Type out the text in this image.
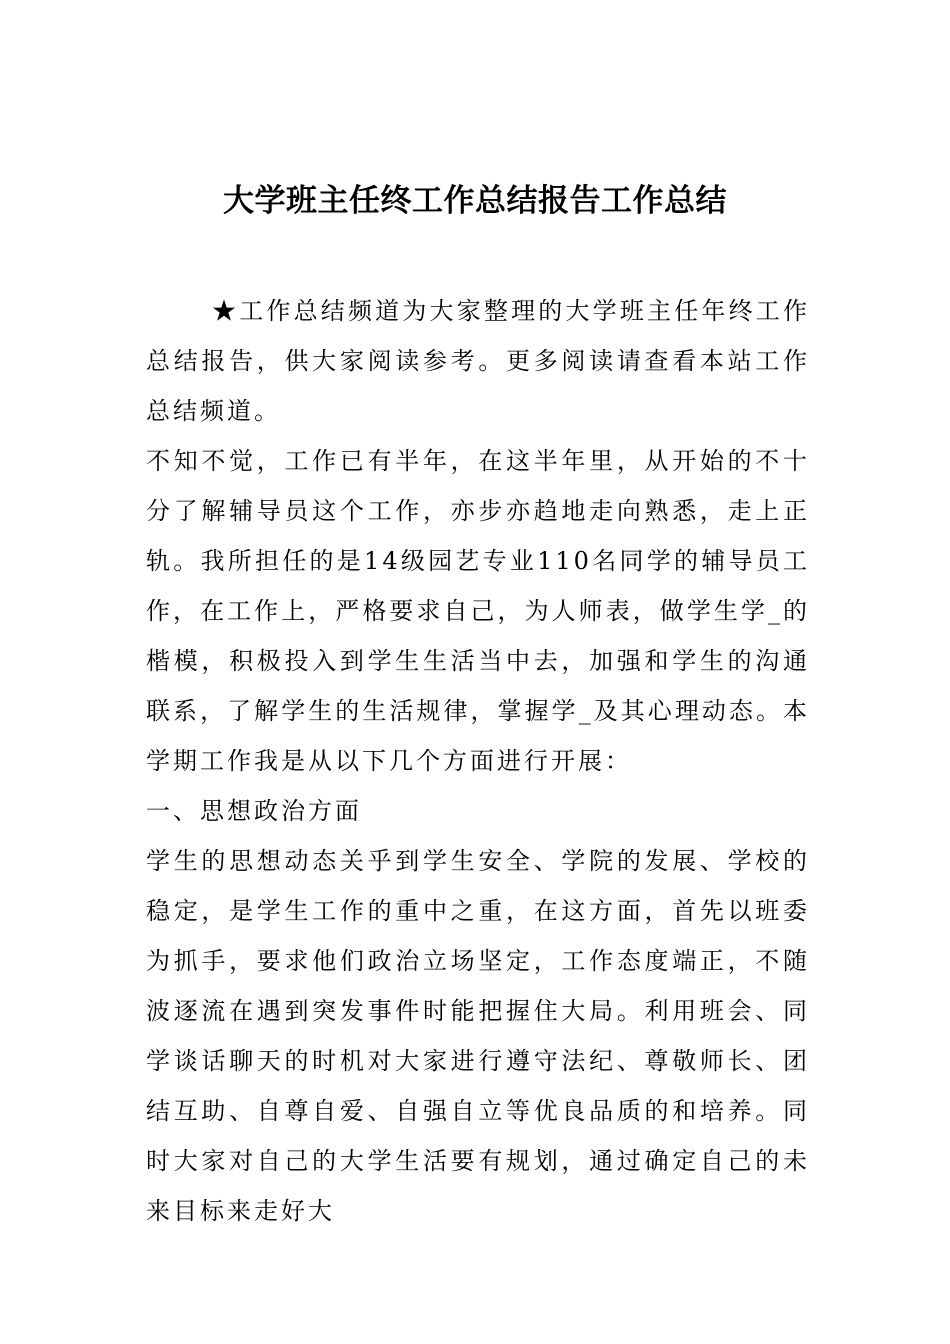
大学班主任终工作总结报告工作总结

★工作总结频道为大家整理的大学班主任年终工作总结报告，供大家阅读参考。更多阅读请查看本站工作总结频道。

不知不觉，工作已有半年，在这半年里，从开始的不十分了解辅导员这个工作，亦步亦趋地走向熟悉，走上正轨。我所担任的是14级园艺专业110名同学的辅导员工作，在工作上，严格要求自己，为人师表，做学生学_的楷模，积极投入到学生生活当中去，加强和学生的沟通联系，了解学生的生活规律，掌握学_及其心理动态。本学期工作我是从以下几个方面进行开展：

一、思想政治方面

学生的思想动态关乎到学生安全、学院的发展、学校的稳定，是学生工作的重中之重，在这方面，首先以班委为抓手，要求他们政治立场坚定，工作态度端正，不随波逐流在遇到突发事件时能把握住大局。利用班会、同学谈话聊天的时机对大家进行遵守法纪、尊敬师长、团结互助、自尊自爱、自强自立等优良品质的和培养。同时大家对自己的大学生活要有规划，通过确定自己的未来目标来走好大
